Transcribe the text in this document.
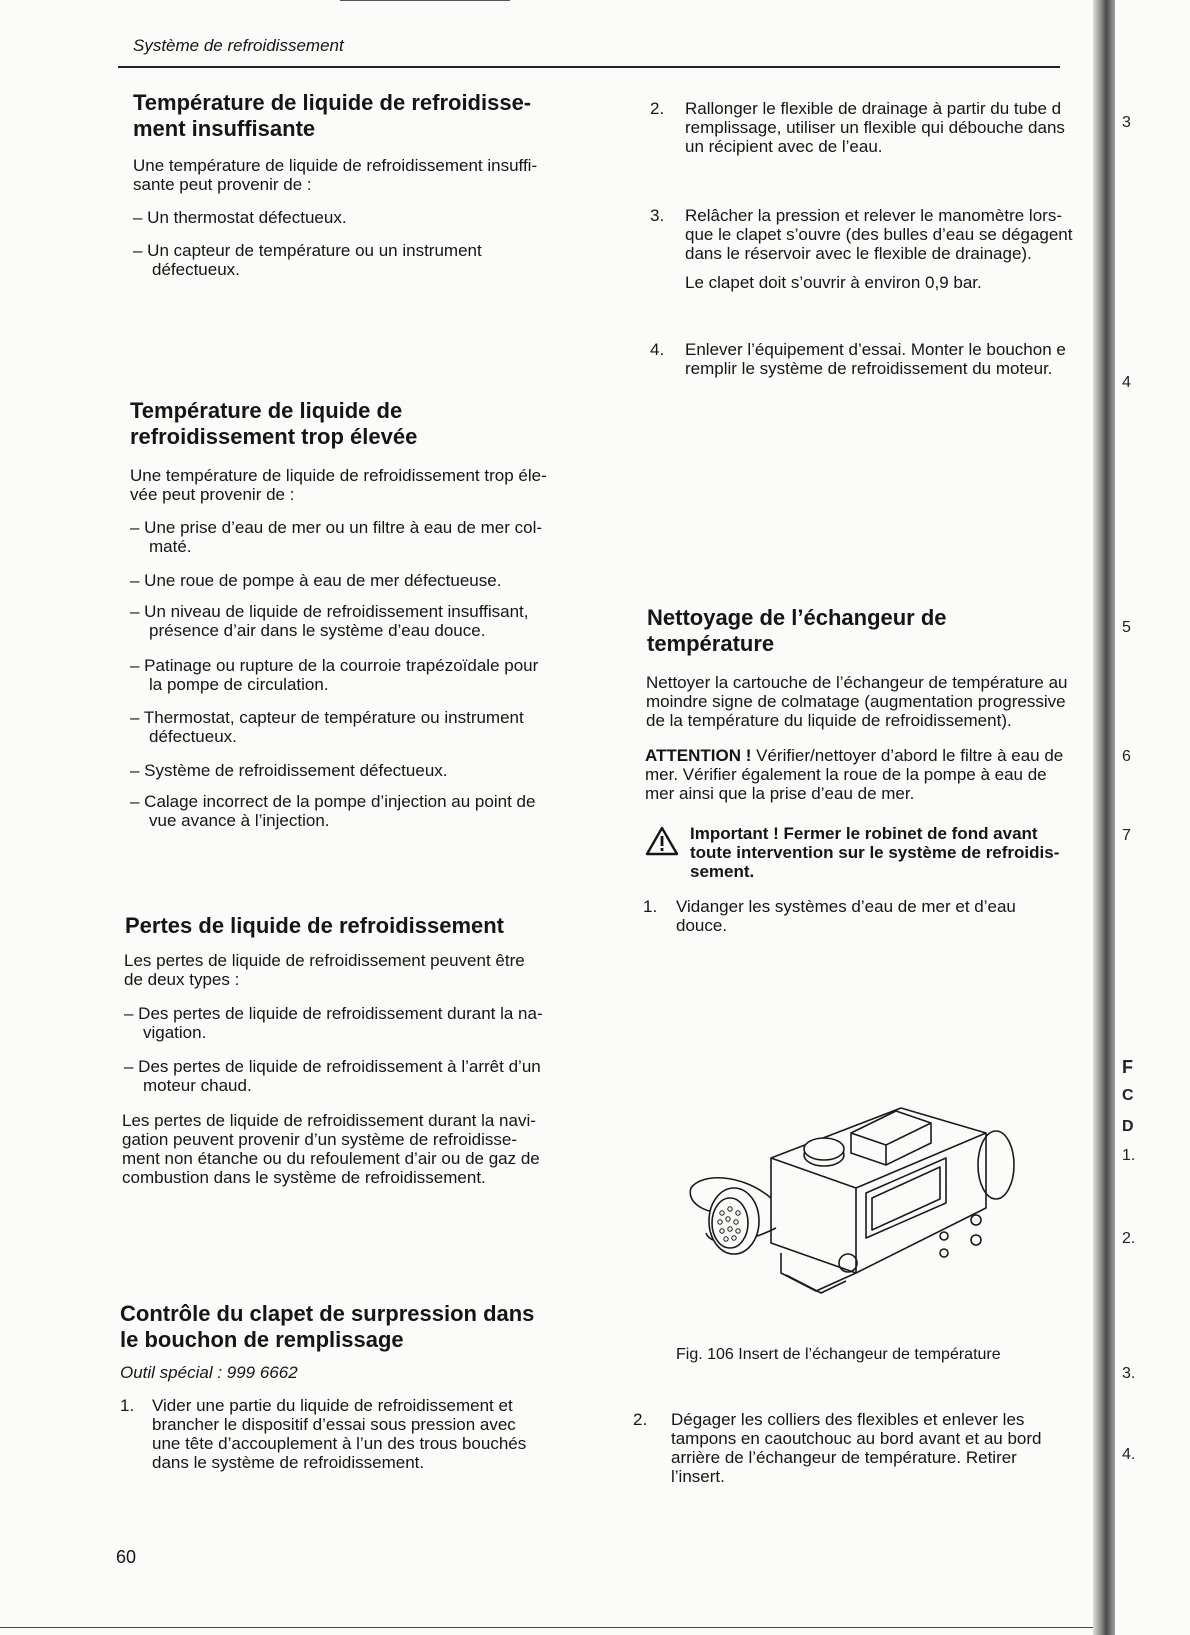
Système de refroidissement
Température de liquide de refroidisse-
ment insuffisante
Une température de liquide de refroidissement insuffi-
sante peut provenir de :
– Un thermostat défectueux.
– Un capteur de température ou un instrument
défectueux.
Température de liquide de
refroidissement trop élevée
Une température de liquide de refroidissement trop éle-
vée peut provenir de :
– Une prise d’eau de mer ou un filtre à eau de mer col-
maté.
– Une roue de pompe à eau de mer défectueuse.
– Un niveau de liquide de refroidissement insuffisant,
présence d’air dans le système d’eau douce.
– Patinage ou rupture de la courroie trapézoïdale pour
la pompe de circulation.
– Thermostat, capteur de température ou instrument
défectueux.
– Système de refroidissement défectueux.
– Calage incorrect de la pompe d’injection au point de
vue avance à l’injection.
Pertes de liquide de refroidissement
Les pertes de liquide de refroidissement peuvent être
de deux types :
– Des pertes de liquide de refroidissement durant la na-
vigation.
– Des pertes de liquide de refroidissement à l’arrêt d’un
moteur chaud.
Les pertes de liquide de refroidissement durant la navi-
gation peuvent provenir d’un système de refroidisse-
ment non étanche ou du refoulement d’air ou de gaz de
combustion dans le système de refroidissement.
Contrôle du clapet de surpression dans
le bouchon de remplissage
Outil spécial : 999 6662
1. Vider une partie du liquide de refroidissement et
brancher le dispositif d’essai sous pression avec
une tête d’accouplement à l’un des trous bouchés
dans le système de refroidissement.
2. Rallonger le flexible de drainage à partir du tube d
remplissage, utiliser un flexible qui débouche dans
un récipient avec de l’eau.
3. Relâcher la pression et relever le manomètre lors-
que le clapet s’ouvre (des bulles d’eau se dégagent
dans le réservoir avec le flexible de drainage).
Le clapet doit s’ouvrir à environ 0,9 bar.
4. Enlever l’équipement d’essai. Monter le bouchon e
remplir le système de refroidissement du moteur.
Nettoyage de l’échangeur de
température
Nettoyer la cartouche de l’échangeur de température au
moindre signe de colmatage (augmentation progressive
de la température du liquide de refroidissement).
ATTENTION ! Vérifier/nettoyer d’abord le filtre à eau de
mer. Vérifier également la roue de la pompe à eau de
mer ainsi que la prise d’eau de mer.
Important ! Fermer le robinet de fond avant
toute intervention sur le système de refroidis-
sement.
1. Vidanger les systèmes d’eau de mer et d’eau
douce.
Fig. 106 Insert de l’échangeur de température
2. Dégager les colliers des flexibles et enlever les
tampons en caoutchouc au bord avant et au bord
arrière de l’échangeur de température. Retirer
l’insert.
3
4
5
6
7
F
C
D
1.
2.
3.
4.
60
